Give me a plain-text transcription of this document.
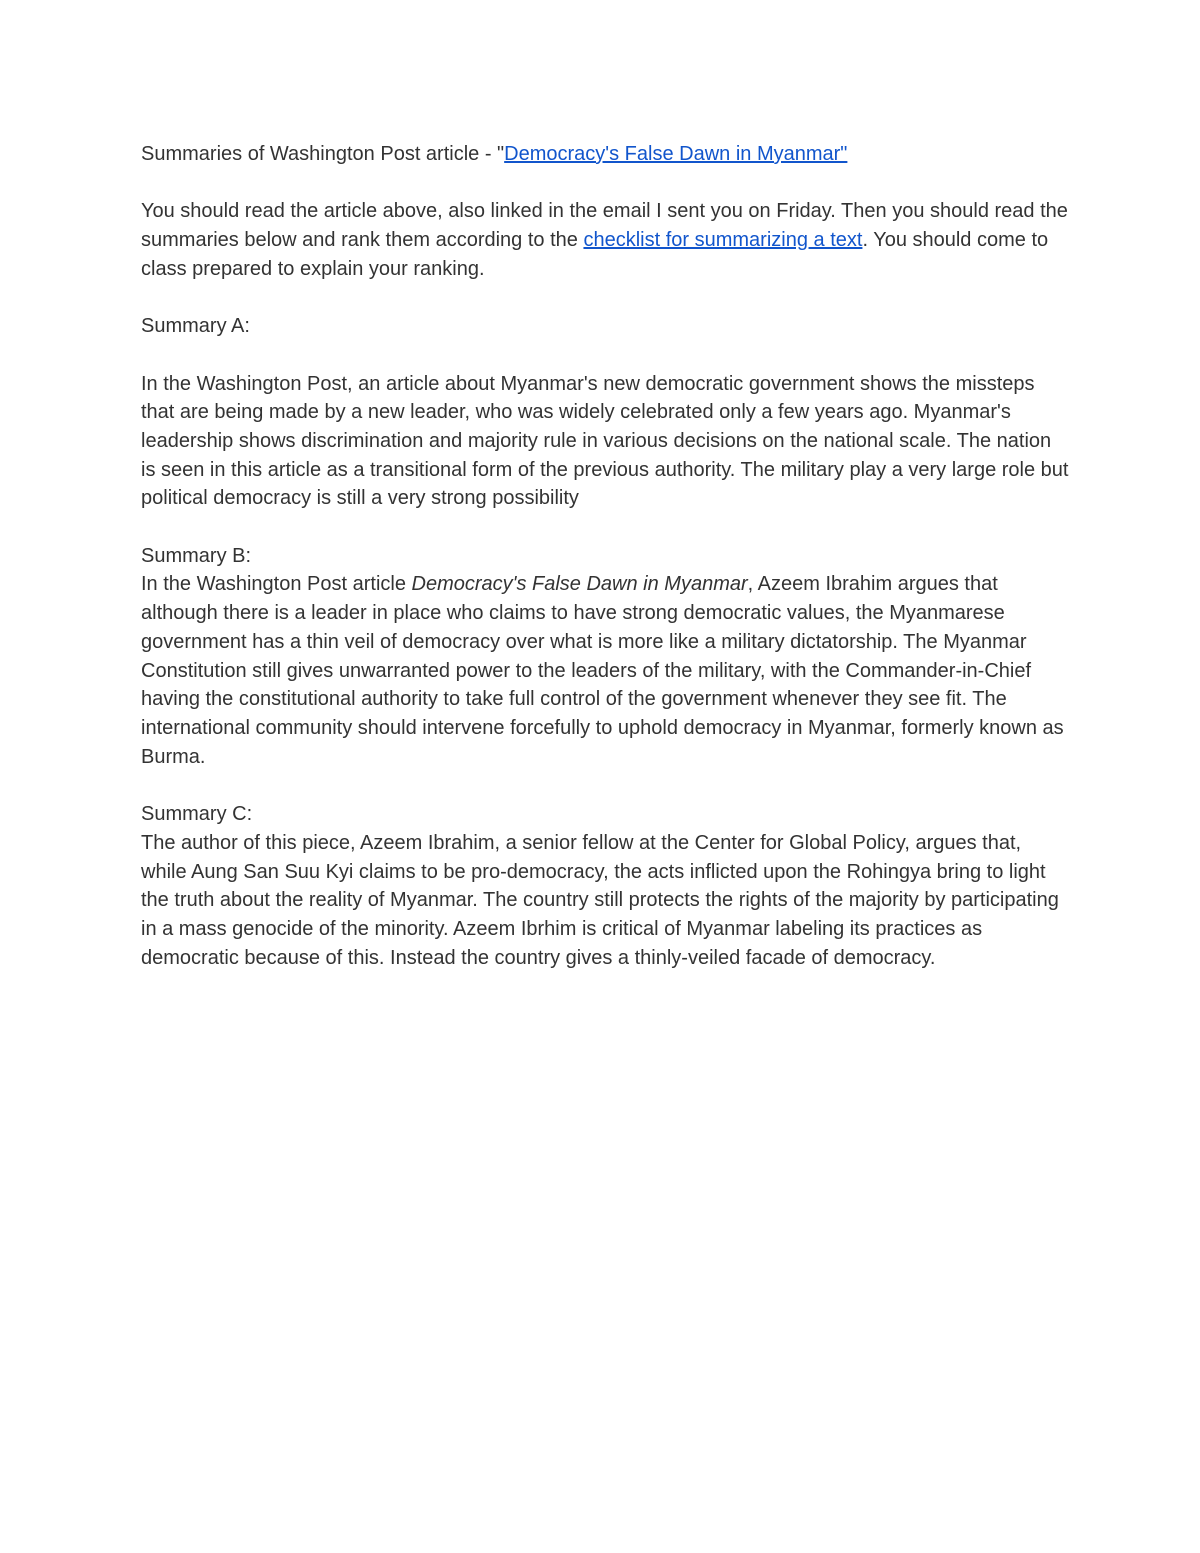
Summaries of Washington Post article - "Democracy's False Dawn in Myanmar"

You should read the article above, also linked in the email I sent you on Friday. Then you should read the summaries below and rank them according to the checklist for summarizing a text. You should come to class prepared to explain your ranking.

Summary A:

In the Washington Post, an article about Myanmar's new democratic government shows the missteps that are being made by a new leader, who was widely celebrated only a few years ago. Myanmar's leadership shows discrimination and majority rule in various decisions on the national scale. The nation is seen in this article as a transitional form of the previous authority. The military play a very large role but political democracy is still a very strong possibility

Summary B:

In the Washington Post article Democracy's False Dawn in Myanmar, Azeem Ibrahim argues that although there is a leader in place who claims to have strong democratic values, the Myanmarese government has a thin veil of democracy over what is more like a military dictatorship. The Myanmar Constitution still gives unwarranted power to the leaders of the military, with the Commander-in-Chief having the constitutional authority to take full control of the government whenever they see fit. The international community should intervene forcefully to uphold democracy in Myanmar, formerly known as Burma.

Summary C:

The author of this piece, Azeem Ibrahim, a senior fellow at the Center for Global Policy, argues that, while Aung San Suu Kyi claims to be pro-democracy, the acts inflicted upon the Rohingya bring to light the truth about the reality of Myanmar. The country still protects the rights of the majority by participating in a mass genocide of the minority. Azeem Ibrhim is critical of Myanmar labeling its practices as democratic because of this. Instead the country gives a thinly-veiled facade of democracy.
